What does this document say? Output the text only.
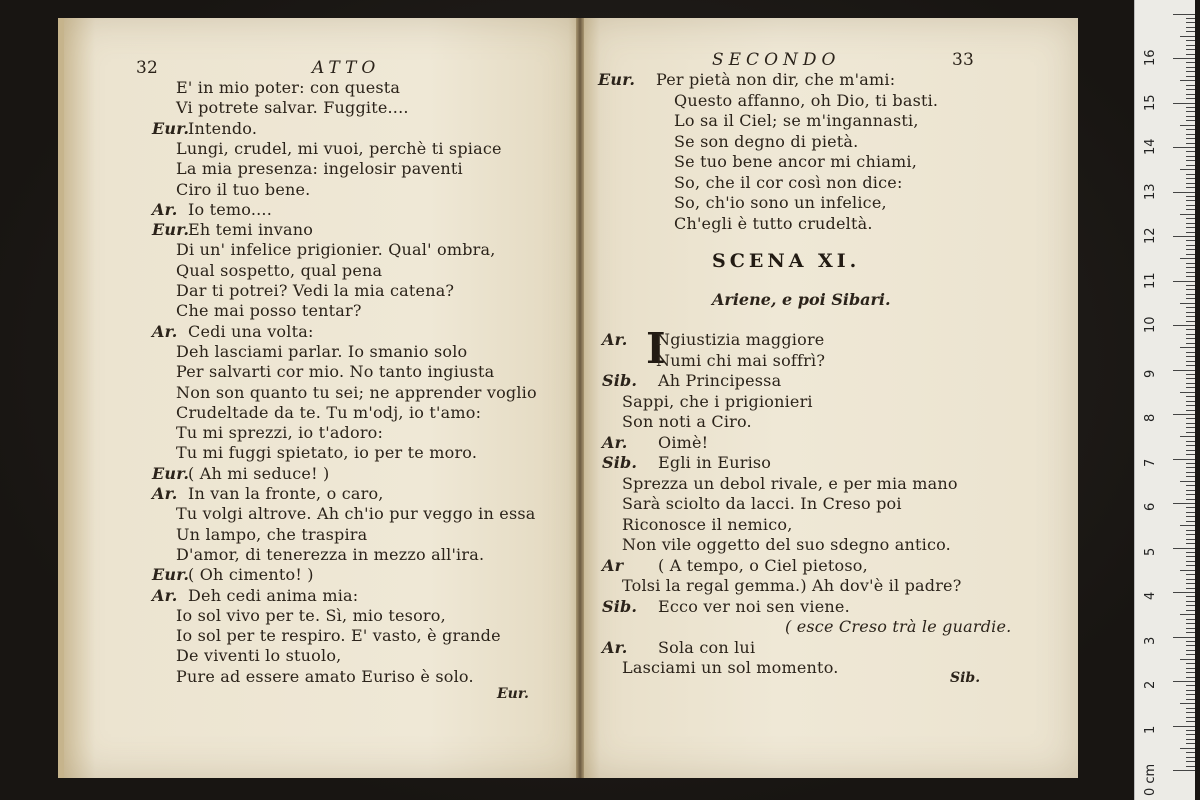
32	ATTO
E' in mio poter: con questa
Vi potrete salvar. Fuggite....
Eur.
Intendo.
Lungi, crudel, mi vuoi, perchè ti spiace
La mia presenza: ingelosir paventi
Ciro il tuo bene.
Ar. Io temo....
Eur.
Eh temi invano
Di un' infelice prigionier. Qual' ombra,
Qual sospetto, qual pena
Dar ti potrei? Vedi la mia catena?
Che mai posso tentar?
Ar. Cedi una volta:
Deh lasciami parlar. Io smanio solo
Per salvarti cor mio. No tanto ingiusta
Non son quanto tu sei; ne apprender voglio
Crudeltade da te. Tu m'odj, io t'amo:
Tu mi sprezzi, io t'adoro:
Tu mi fuggi spietato, io per te moro.
Eur.
( Ah mi seduce! )
Ar. In van la fronte, o caro,
Tu volgi altrove. Ah ch'io pur veggo in essa
Un lampo, che traspira
D'amor, di tenerezza in mezzo all'ira.
Eur.
( Oh cimento! )
Ar. Deh cedi anima mia:
Io sol vivo per te. Sì, mio tesoro,
Io sol per te respiro. E' vasto, è grande
De viventi lo stuolo,
Pure ad essere amato Euriso è solo.
Eur.
SECONDO	33
Eur. Per pietà non dir, che m'ami:
Questo affanno, oh Dio, ti basti.
Lo sa il Ciel; se m'ingannasti,
Se son degno di pietà.
Se tuo bene ancor mi chiami,
So, che il cor così non dice:
So, ch'io sono un infelice,
Ch'egli è tutto crudeltà.
SCENA XI.
Ariene, e poi Sibari.
I
Ar. Ngiustizia maggiore
Numi chi mai soffrì?
Sib. Ah Principessa
Sappi, che i prigionieri
Son noti a Ciro.
Ar. Oimè!
Sib. Egli in Euriso
Sprezza un debol rivale, e per mia mano
Sarà sciolto da lacci. In Creso poi
Riconosce il nemico,
Non vile oggetto del suo sdegno antico.
Ar ( A tempo, o Ciel pietoso,
Tolsi la regal gemma.) Ah dov'è il padre?
Sib. Ecco ver noi sen viene.
( esce Creso trà le guardie.
Ar. Sola con lui
Lasciami un sol momento.
Sib.
0 cm
1
2
3
4
5
6
7
8
9
10
11
12
13
14
15
16
